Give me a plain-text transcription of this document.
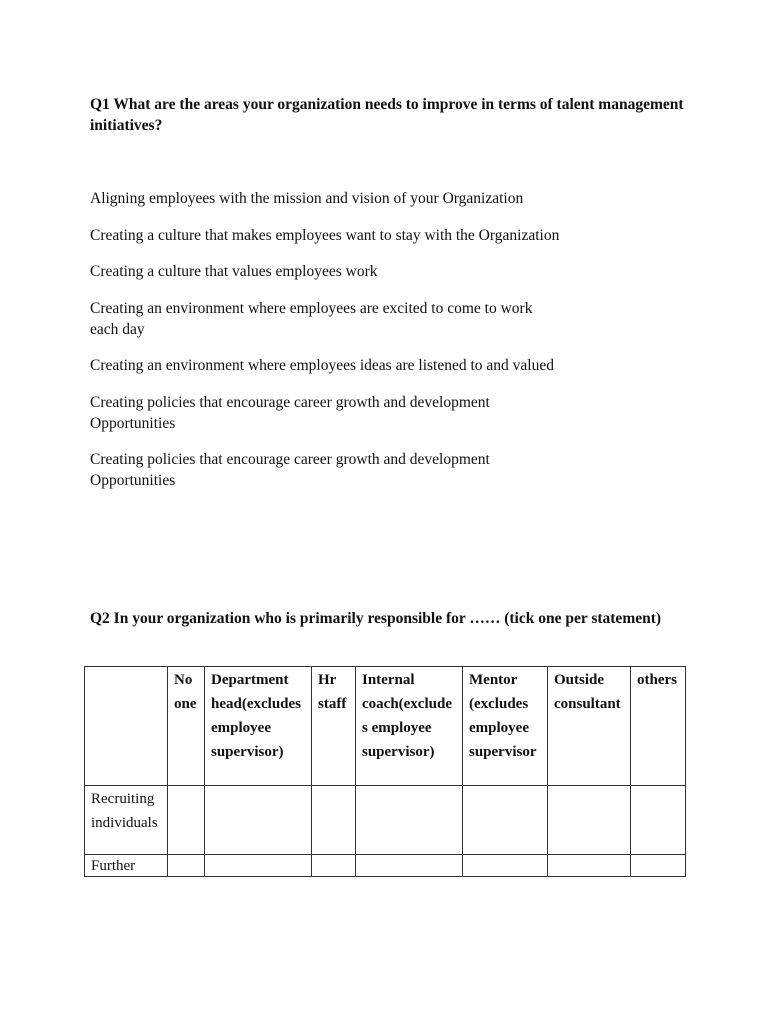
Q1 What are the areas your organization needs to improve in terms of talent management initiatives?

Aligning employees with the mission and vision of your Organization
Creating a culture that makes employees want to stay with the Organization
Creating a culture that values employees work
Creating an environment where employees are excited to come to work each day
Creating an environment where employees ideas are listened to and valued
Creating policies that encourage career growth and development Opportunities
Creating policies that encourage career growth and development Opportunities

Q2 In your organization who is primarily responsible for …… (tick one per statement)

	No one	Department head(excludes employee supervisor)	Hr staff	Internal coach(excludes employee supervisor)	Mentor (excludes employee supervisor	Outside consultant	others
Recruiting individuals							
Further							
